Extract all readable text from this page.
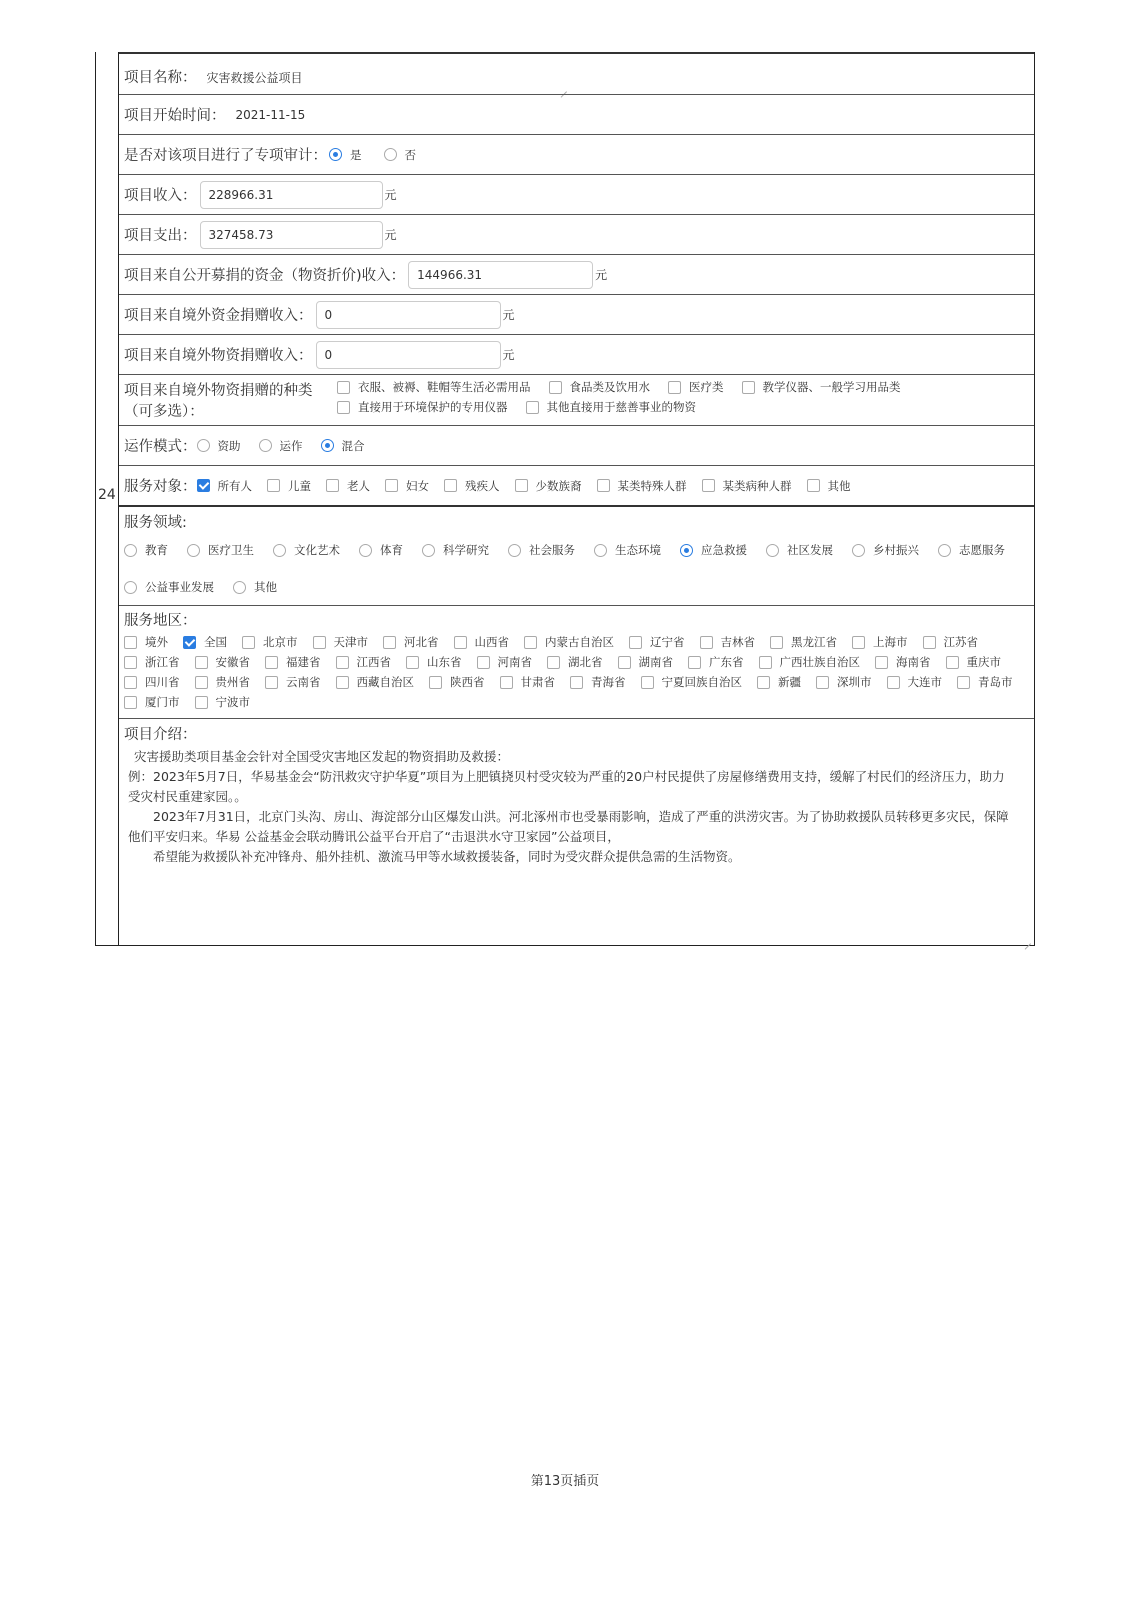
24
项目名称： 灾害救援公益项目
项目开始时间： 2021-11-15
是否对该项目进行了专项审计： 是	否
项目收入：	228966.31	元
项目支出：	327458.73	元
项目来自公开募捐的资金（物资折价)收入：	144966.31	元
项目来自境外资金捐赠收入：	0	元
项目来自境外物资捐赠收入：	0	元
项目来自境外物资捐赠的种类
（可多选）：
衣服、被褥、鞋帽等生活必需用品	食品类及饮用水	医疗类	教学仪器、一般学习用品类
直接用于环境保护的专用仪器	其他直接用于慈善事业的物资
运作模式： 资助	运作	混合
服务对象： 所有人	儿童	老人	妇女	残疾人	少数族裔	某类特殊人群	某类病种人群	其他
服务领域:
教育	医疗卫生	文化艺术	体育	科学研究	社会服务	生态环境	应急救援	社区发展	乡村振兴	志愿服务
公益事业发展	其他
服务地区：
境外	全国	北京市	天津市	河北省	山西省	内蒙古自治区	辽宁省	吉林省	黑龙江省	上海市	江苏省
浙江省	安徽省	福建省	江西省	山东省	河南省	湖北省	湖南省	广东省	广西壮族自治区	海南省	重庆市
四川省	贵州省	云南省	西藏自治区	陕西省	甘肃省	青海省	宁夏回族自治区	新疆	深圳市	大连市	青岛市
厦门市	宁波市
项目介绍：

灾害援助类项目基金会针对全国受灾害地区发起的物资捐助及救援：

例：2023年5月7日，华易基金会“防汛救灾守护华夏”项目为上肥镇挠贝村受灾较为严重的20户村民提供了房屋修缮费用支持，缓解了村民们的经济压力，助力受灾村民重建家园。。

　　2023年7月31日，北京门头沟、房山、海淀部分山区爆发山洪。河北涿州市也受暴雨影响，造成了严重的洪涝灾害。为了协助救援队员转移更多灾民，保障他们平安归来。华易 公益基金会联动腾讯公益平台开启了“击退洪水守卫家园”公益项目，

　　希望能为救援队补充冲锋舟、船外挂机、激流马甲等水域救援装备，同时为受灾群众提供急需的生活物资。

第13页插页
